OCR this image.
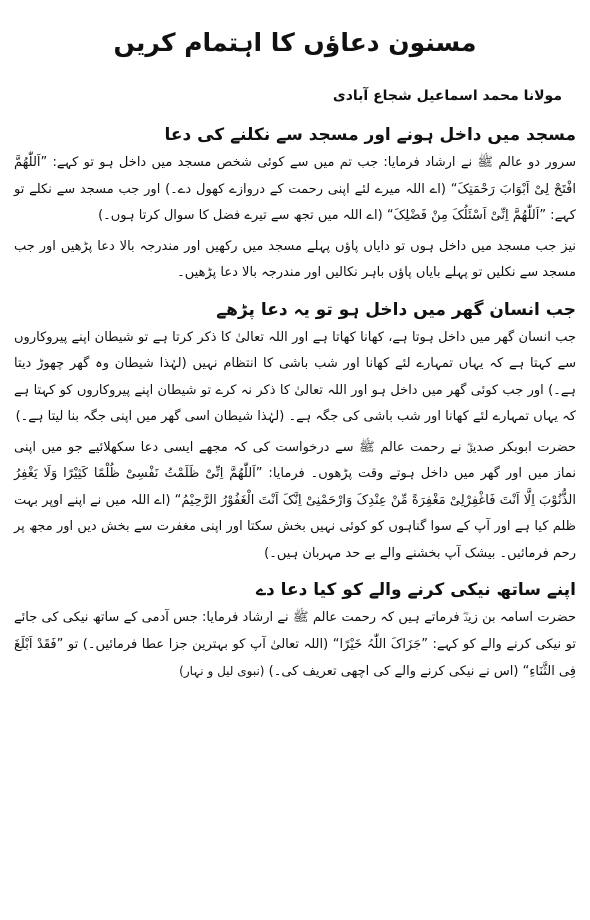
مسنون دعاؤں کا اہتمام کریں
مولانا محمد اسماعیل شجاع آبادی
مسجد میں داخل ہونے اور مسجد سے نکلنے کی دعا

سرور دو عالم ﷺ نے ارشاد فرمایا: جب تم میں سے کوئی شخص مسجد میں داخل ہو تو کہے: ”اَللّٰھُمَّ افْتَحْ لِیْ اَبْوَابَ رَحْمَتِکَ“ (اے اللہ میرے لئے اپنی رحمت کے دروازے کھول دے۔) اور جب مسجد سے نکلے تو کہے: ”اَللّٰھُمَّ اِنِّیْ اَسْئَلُکَ مِنْ فَضْلِکَ“ (اے اللہ میں تجھ سے تیرے فضل کا سوال کرتا ہوں۔)

نیز جب مسجد میں داخل ہوں تو دایاں پاؤں پہلے مسجد میں رکھیں اور مندرجہ بالا دعا پڑھیں اور جب مسجد سے نکلیں تو پہلے بایاں پاؤں باہر نکالیں اور مندرجہ بالا دعا پڑھیں۔

جب انسان گھر میں داخل ہو تو یہ دعا پڑھے

جب انسان گھر میں داخل ہوتا ہے، کھانا کھاتا ہے اور اللہ تعالیٰ کا ذکر کرتا ہے تو شیطان اپنے پیروکاروں سے کہتا ہے کہ یہاں تمہارے لئے کھانا اور شب باشی کا انتظام نہیں (لہٰذا شیطان وہ گھر چھوڑ دیتا ہے۔) اور جب کوئی گھر میں داخل ہو اور اللہ تعالیٰ کا ذکر نہ کرے تو شیطان اپنے پیروکاروں کو کہتا ہے کہ یہاں تمہارے لئے کھانا اور شب باشی کی جگہ ہے۔ (لہٰذا شیطان اسی گھر میں اپنی جگہ بنا لیتا ہے۔)

حضرت ابوبکر صدیقؓ نے رحمت عالم ﷺ سے درخواست کی کہ مجھے ایسی دعا سکھلائیے جو میں اپنی نماز میں اور گھر میں داخل ہوتے وقت پڑھوں۔ فرمایا: ”اَللّٰھُمَّ اِنِّیْ ظَلَمْتُ نَفْسِیْ ظُلْمًا کَثِیْرًا وَلَا یَغْفِرُ الذُّنُوْبَ اِلَّا اَنْتَ فَاغْفِرْلِیْ مَغْفِرَةً مِّنْ عِنْدِکَ وَارْحَمْنِیْ اِنَّکَ اَنْتَ الْغَفُوْرُ الرَّحِیْمُ“ (اے اللہ میں نے اپنے اوپر بہت ظلم کیا ہے اور آپ کے سوا گناہوں کو کوئی نہیں بخش سکتا اور اپنی مغفرت سے بخش دیں اور مجھ پر رحم فرمائیں۔ بیشک آپ بخشنے والے بے حد مہربان ہیں۔)

اپنے ساتھ نیکی کرنے والے کو کیا دعا دے

حضرت اسامہ بن زیدؓ فرماتے ہیں کہ رحمت عالم ﷺ نے ارشاد فرمایا: جس آدمی کے ساتھ نیکی کی جائے تو نیکی کرنے والے کو کہے: ”جَزَاکَ اللّٰہُ خَیْرًا“ (اللہ تعالیٰ آپ کو بہترین جزا عطا فرمائیں۔) تو ”فَقَدْ اَبْلَغَ فِی الثَّنَاءِ“ (اس نے نیکی کرنے والے کی اچھی تعریف کی۔) (نبوی لیل و نہار)
